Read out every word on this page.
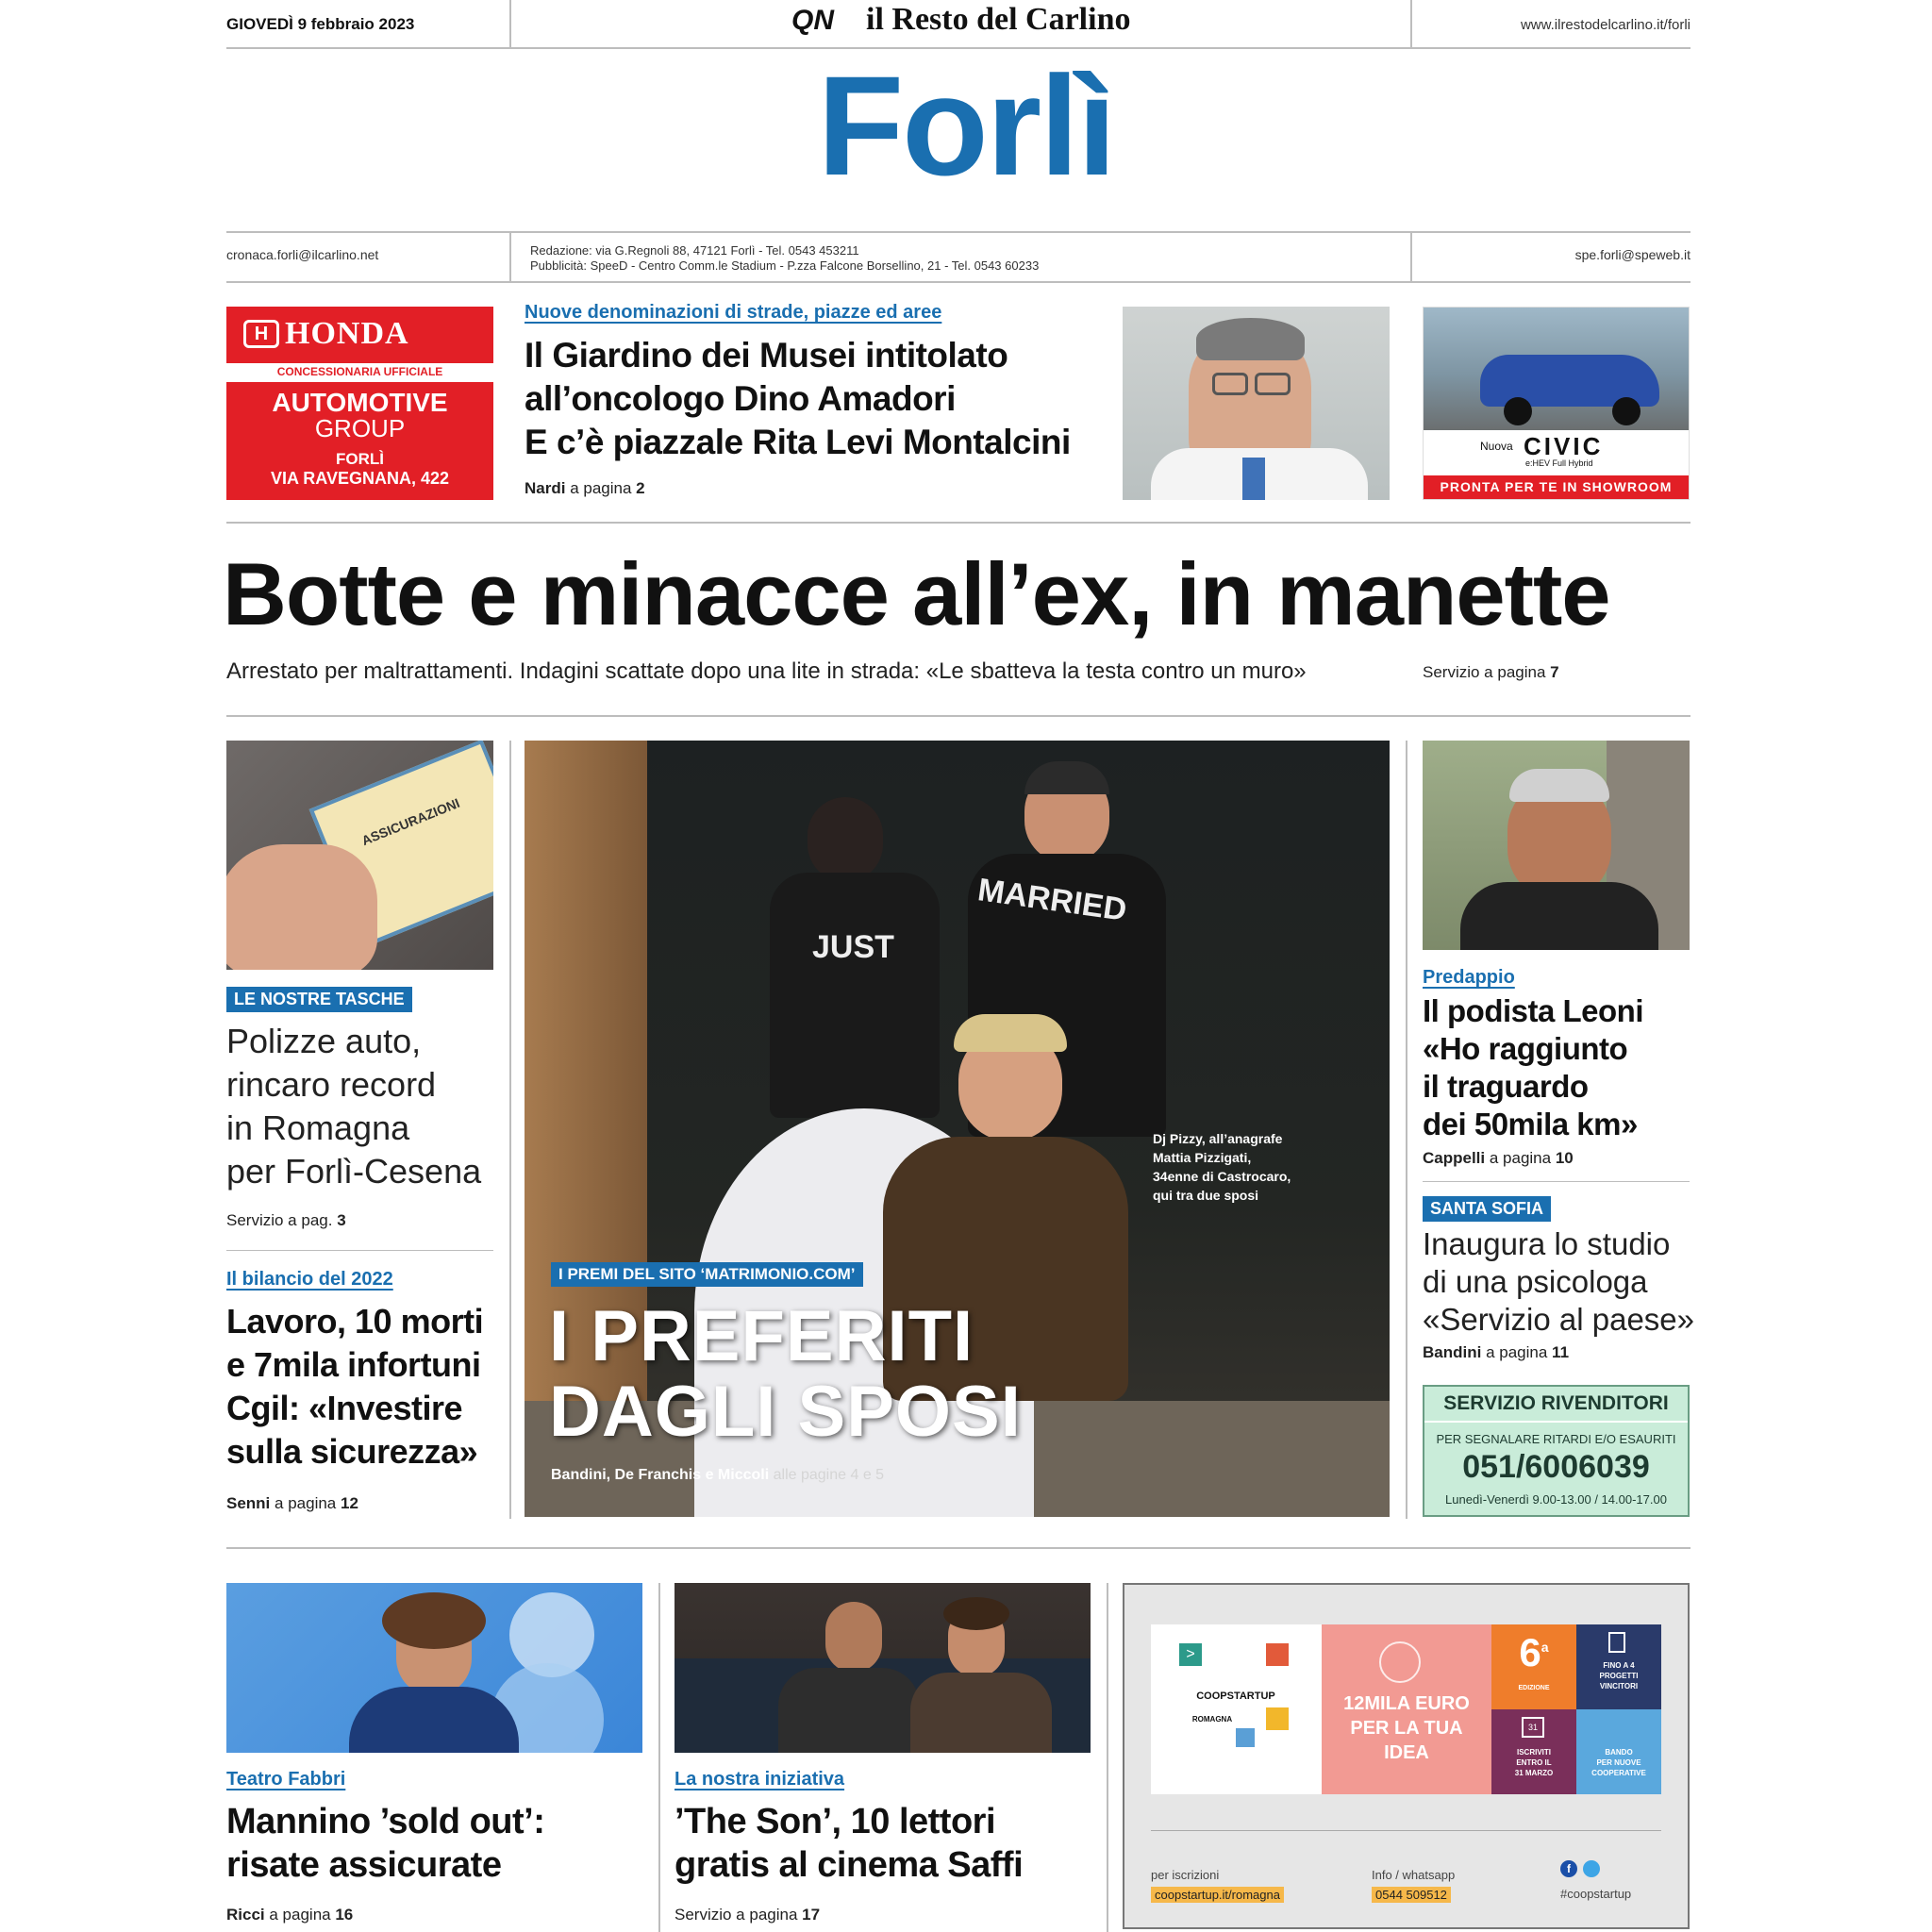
GIOVEDÌ 9 febbraio 2023	QN il Resto del Carlino	www.ilrestodelcarlino.it/forli
Forlì
cronaca.forli@ilcarlino.net	Redazione: via G.Regnoli 88, 47121 Forlì - Tel. 0543 453211
Pubblicità: SpeeD - Centro Comm.le Stadium - P.zza Falcone Borsellino, 21 - Tel. 0543 60233
spe.forli@speweb.it
H HONDA
CONCESSIONARIA UFFICIALE
AUTOMOTIVE
GROUP
FORLÌ
VIA RAVEGNANA, 422
Nuove denominazioni di strade, piazze ed aree
Il Giardino dei Musei intitolato
all’oncologo Dino Amadori
E c’è piazzale Rita Levi Montalcini
Nardi a pagina 2
Nuova CIVIC
e:HEV Full Hybrid
PRONTA PER TE IN SHOWROOM
Botte e minacce all’ex, in manette
Arrestato per maltrattamenti. Indagini scattate dopo una lite in strada: «Le sbatteva la testa contro un muro»	Servizio a pagina 7
ASSICURAZIONI
LE NOSTRE TASCHE
Polizze auto,
rincaro record
in Romagna
per Forlì-Cesena
Servizio a pag. 3
Il bilancio del 2022
Lavoro, 10 morti
e 7mila infortuni
Cgil: «Investire
sulla sicurezza»
Senni a pagina 12
JUST
MARRIED
Dj Pizzy, all’anagrafe
Mattia Pizzigati,
34enne di Castrocaro,
qui tra due sposi
I PREMI DEL SITO ‘MATRIMONIO.COM’
I PREFERITI
DAGLI SPOSI
Bandini, De Franchis e Miccoli alle pagine 4 e 5
Predappio
Il podista Leoni
«Ho raggiunto
il traguardo
dei 50mila km»
Cappelli a pagina 10
SANTA SOFIA
Inaugura lo studio
di una psicologa
«Servizio al paese»
Bandini a pagina 11
SERVIZIO RIVENDITORI
PER SEGNALARE RITARDI E/O ESAURITI
051/6006039
Lunedì-Venerdì 9.00-13.00 / 14.00-17.00
Teatro Fabbri
Mannino ’sold out’:
risate assicurate
Ricci a pagina 16
La nostra iniziativa
’The Son’, 10 lettori
gratis al cinema Saffi
Servizio a pagina 17
>
COOPSTARTUP
ROMAGNA
12MILA EURO
PER LA TUA
IDEA
6$^a$
EDIZIONE
FINO A 4
PROGETTI
VINCITORI
31
ISCRIVITI
ENTRO IL
31 MARZO
BANDO
PER NUOVE
COOPERATIVE
per iscrizioni
coopstartup.it/romagna
Info / whatsapp
0544 509512
f
#coopstartup
